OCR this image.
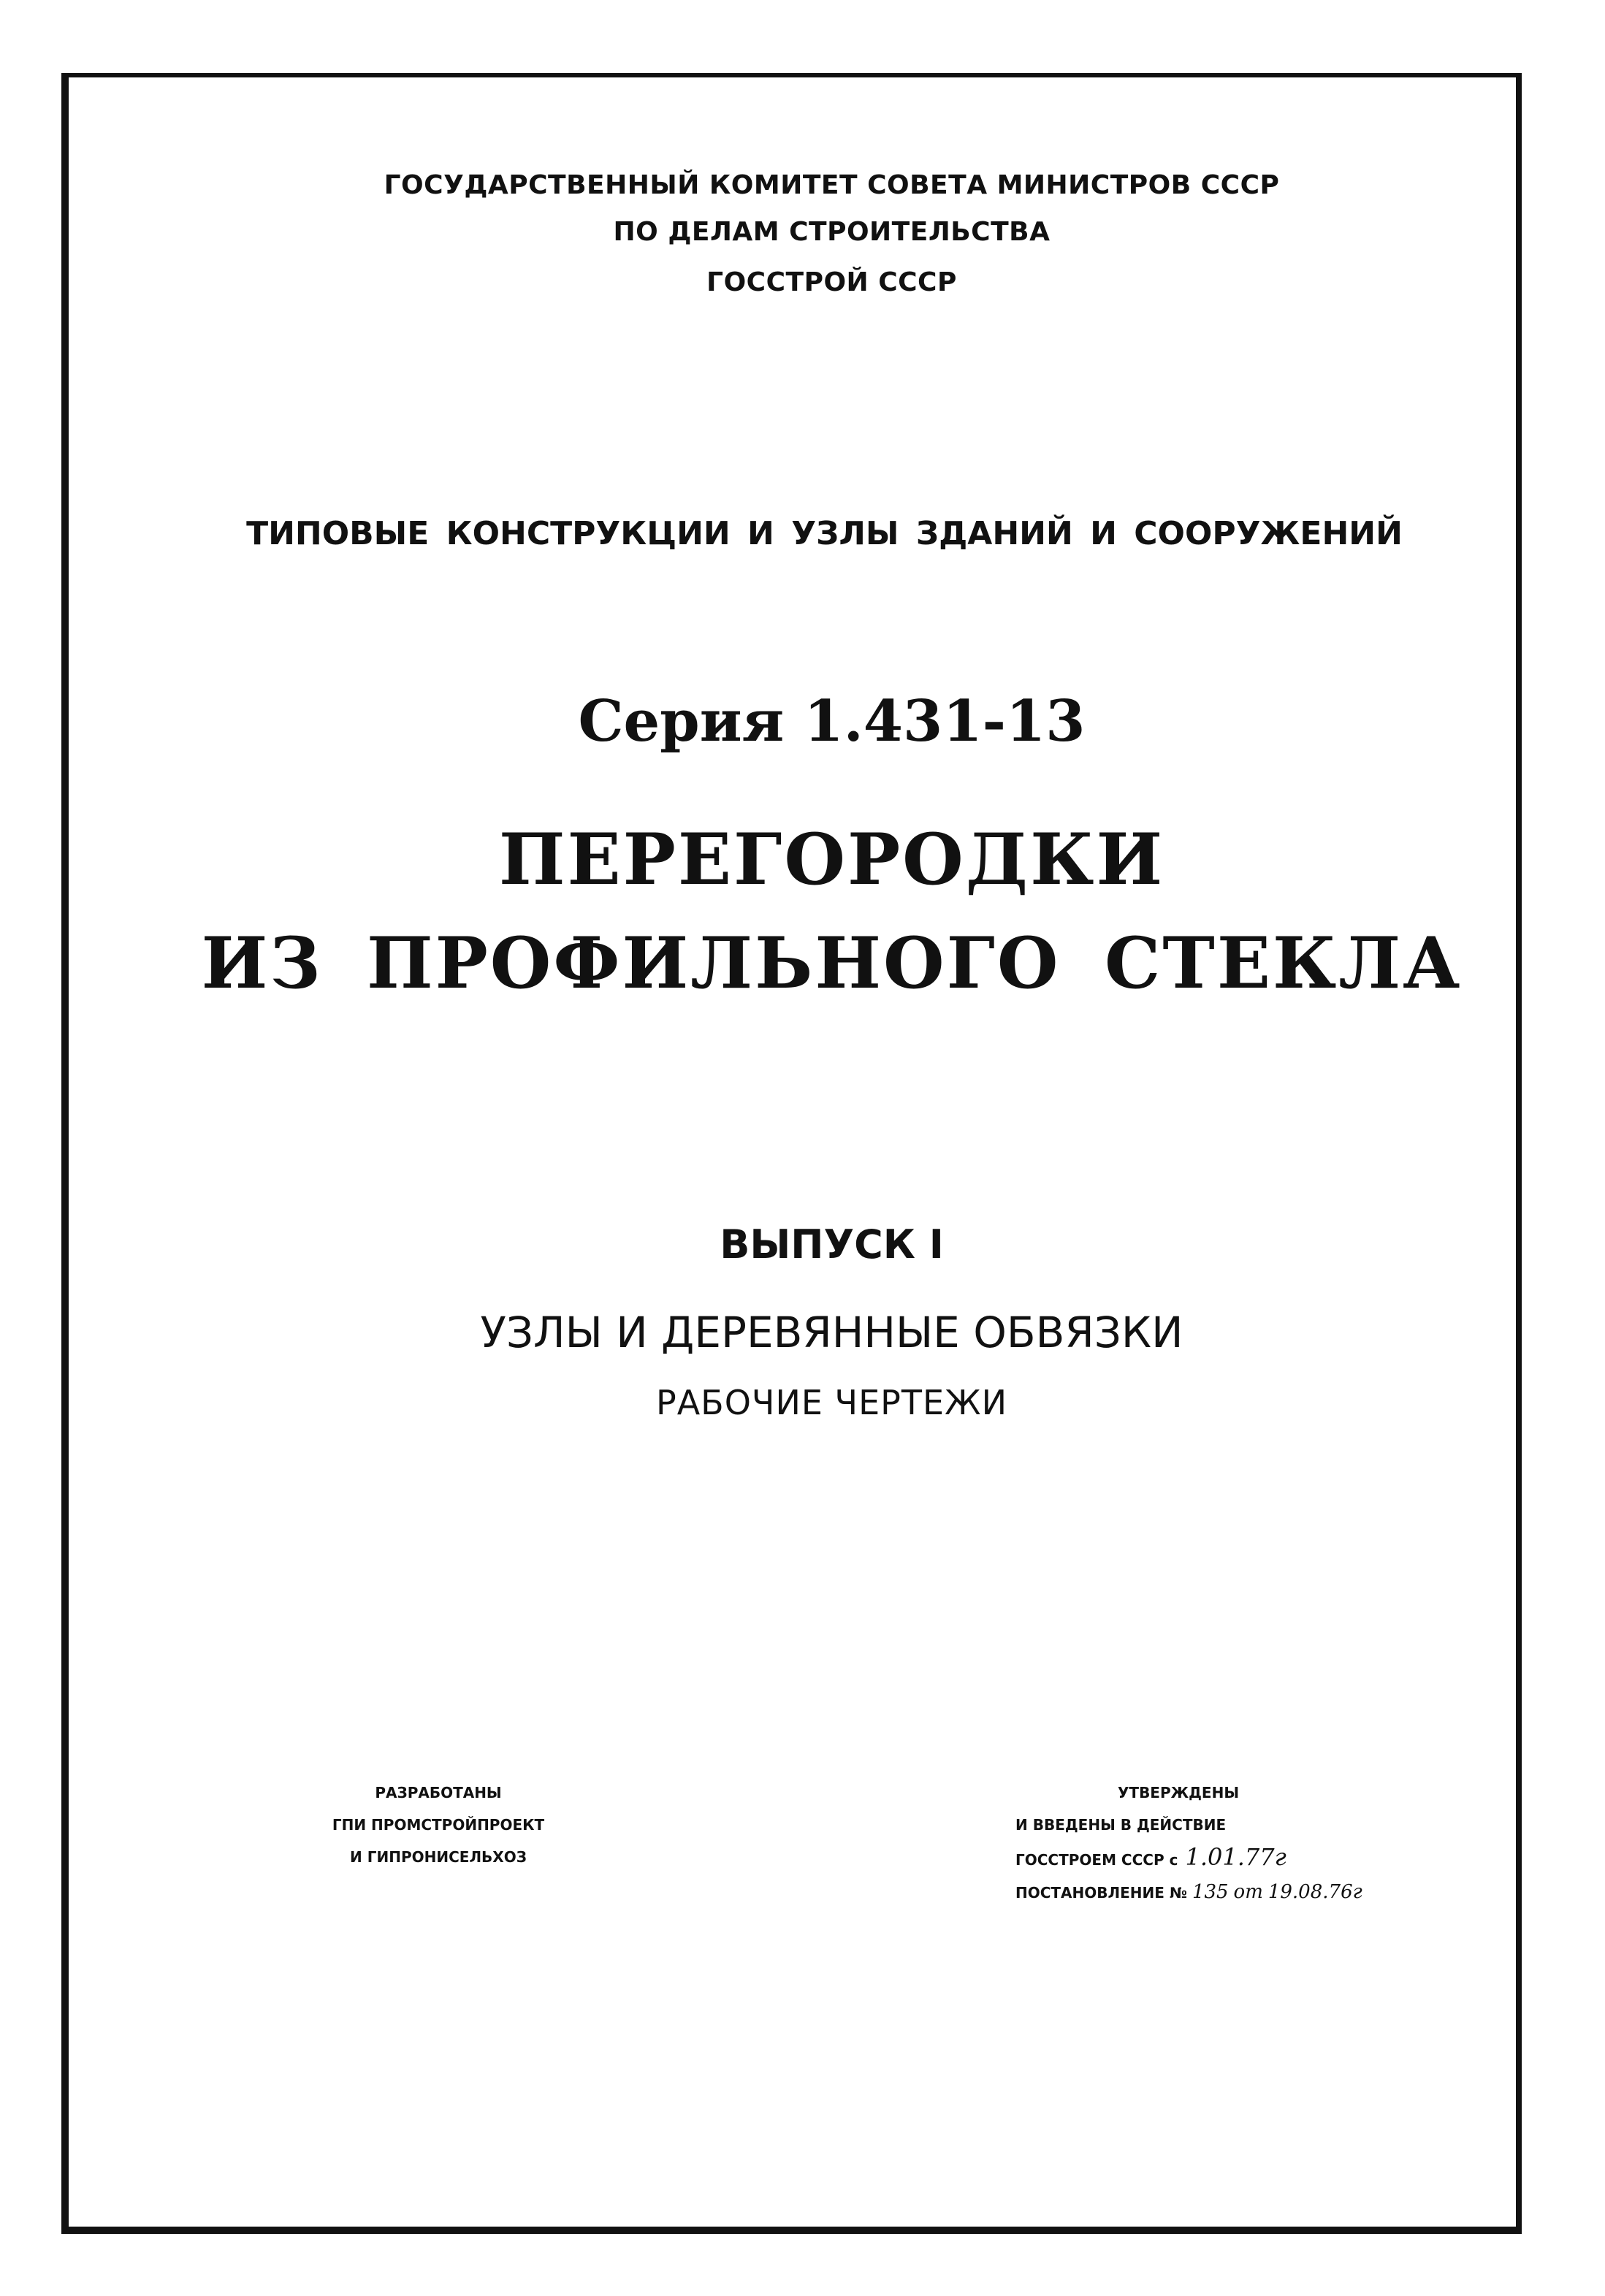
ГОСУДАРСТВЕННЫЙ КОМИТЕТ СОВЕТА МИНИСТРОВ СССР
ПО ДЕЛАМ СТРОИТЕЛЬСТВА
ГОССТРОЙ СССР
ТИПОВЫЕ КОНСТРУКЦИИ И УЗЛЫ ЗДАНИЙ И СООРУЖЕНИЙ
Серия 1.431-13
ПЕРЕГОРОДКИ
ИЗ ПРОФИЛЬНОГО СТЕКЛА
ВЫПУСК I
УЗЛЫ И ДЕРЕВЯННЫЕ ОБВЯЗКИ
РАБОЧИЕ ЧЕРТЕЖИ
РАЗРАБОТАНЫ
ГПИ ПРОМСТРОЙПРОЕКТ
И ГИПРОНИСЕЛЬХОЗ
УТВЕРЖДЕНЫ
И ВВЕДЕНЫ В ДЕЙСТВИЕ
ГОССТРОЕМ СССР с 1.01.77г
ПОСТАНОВЛЕНИЕ № 135 от 19.08.76г
